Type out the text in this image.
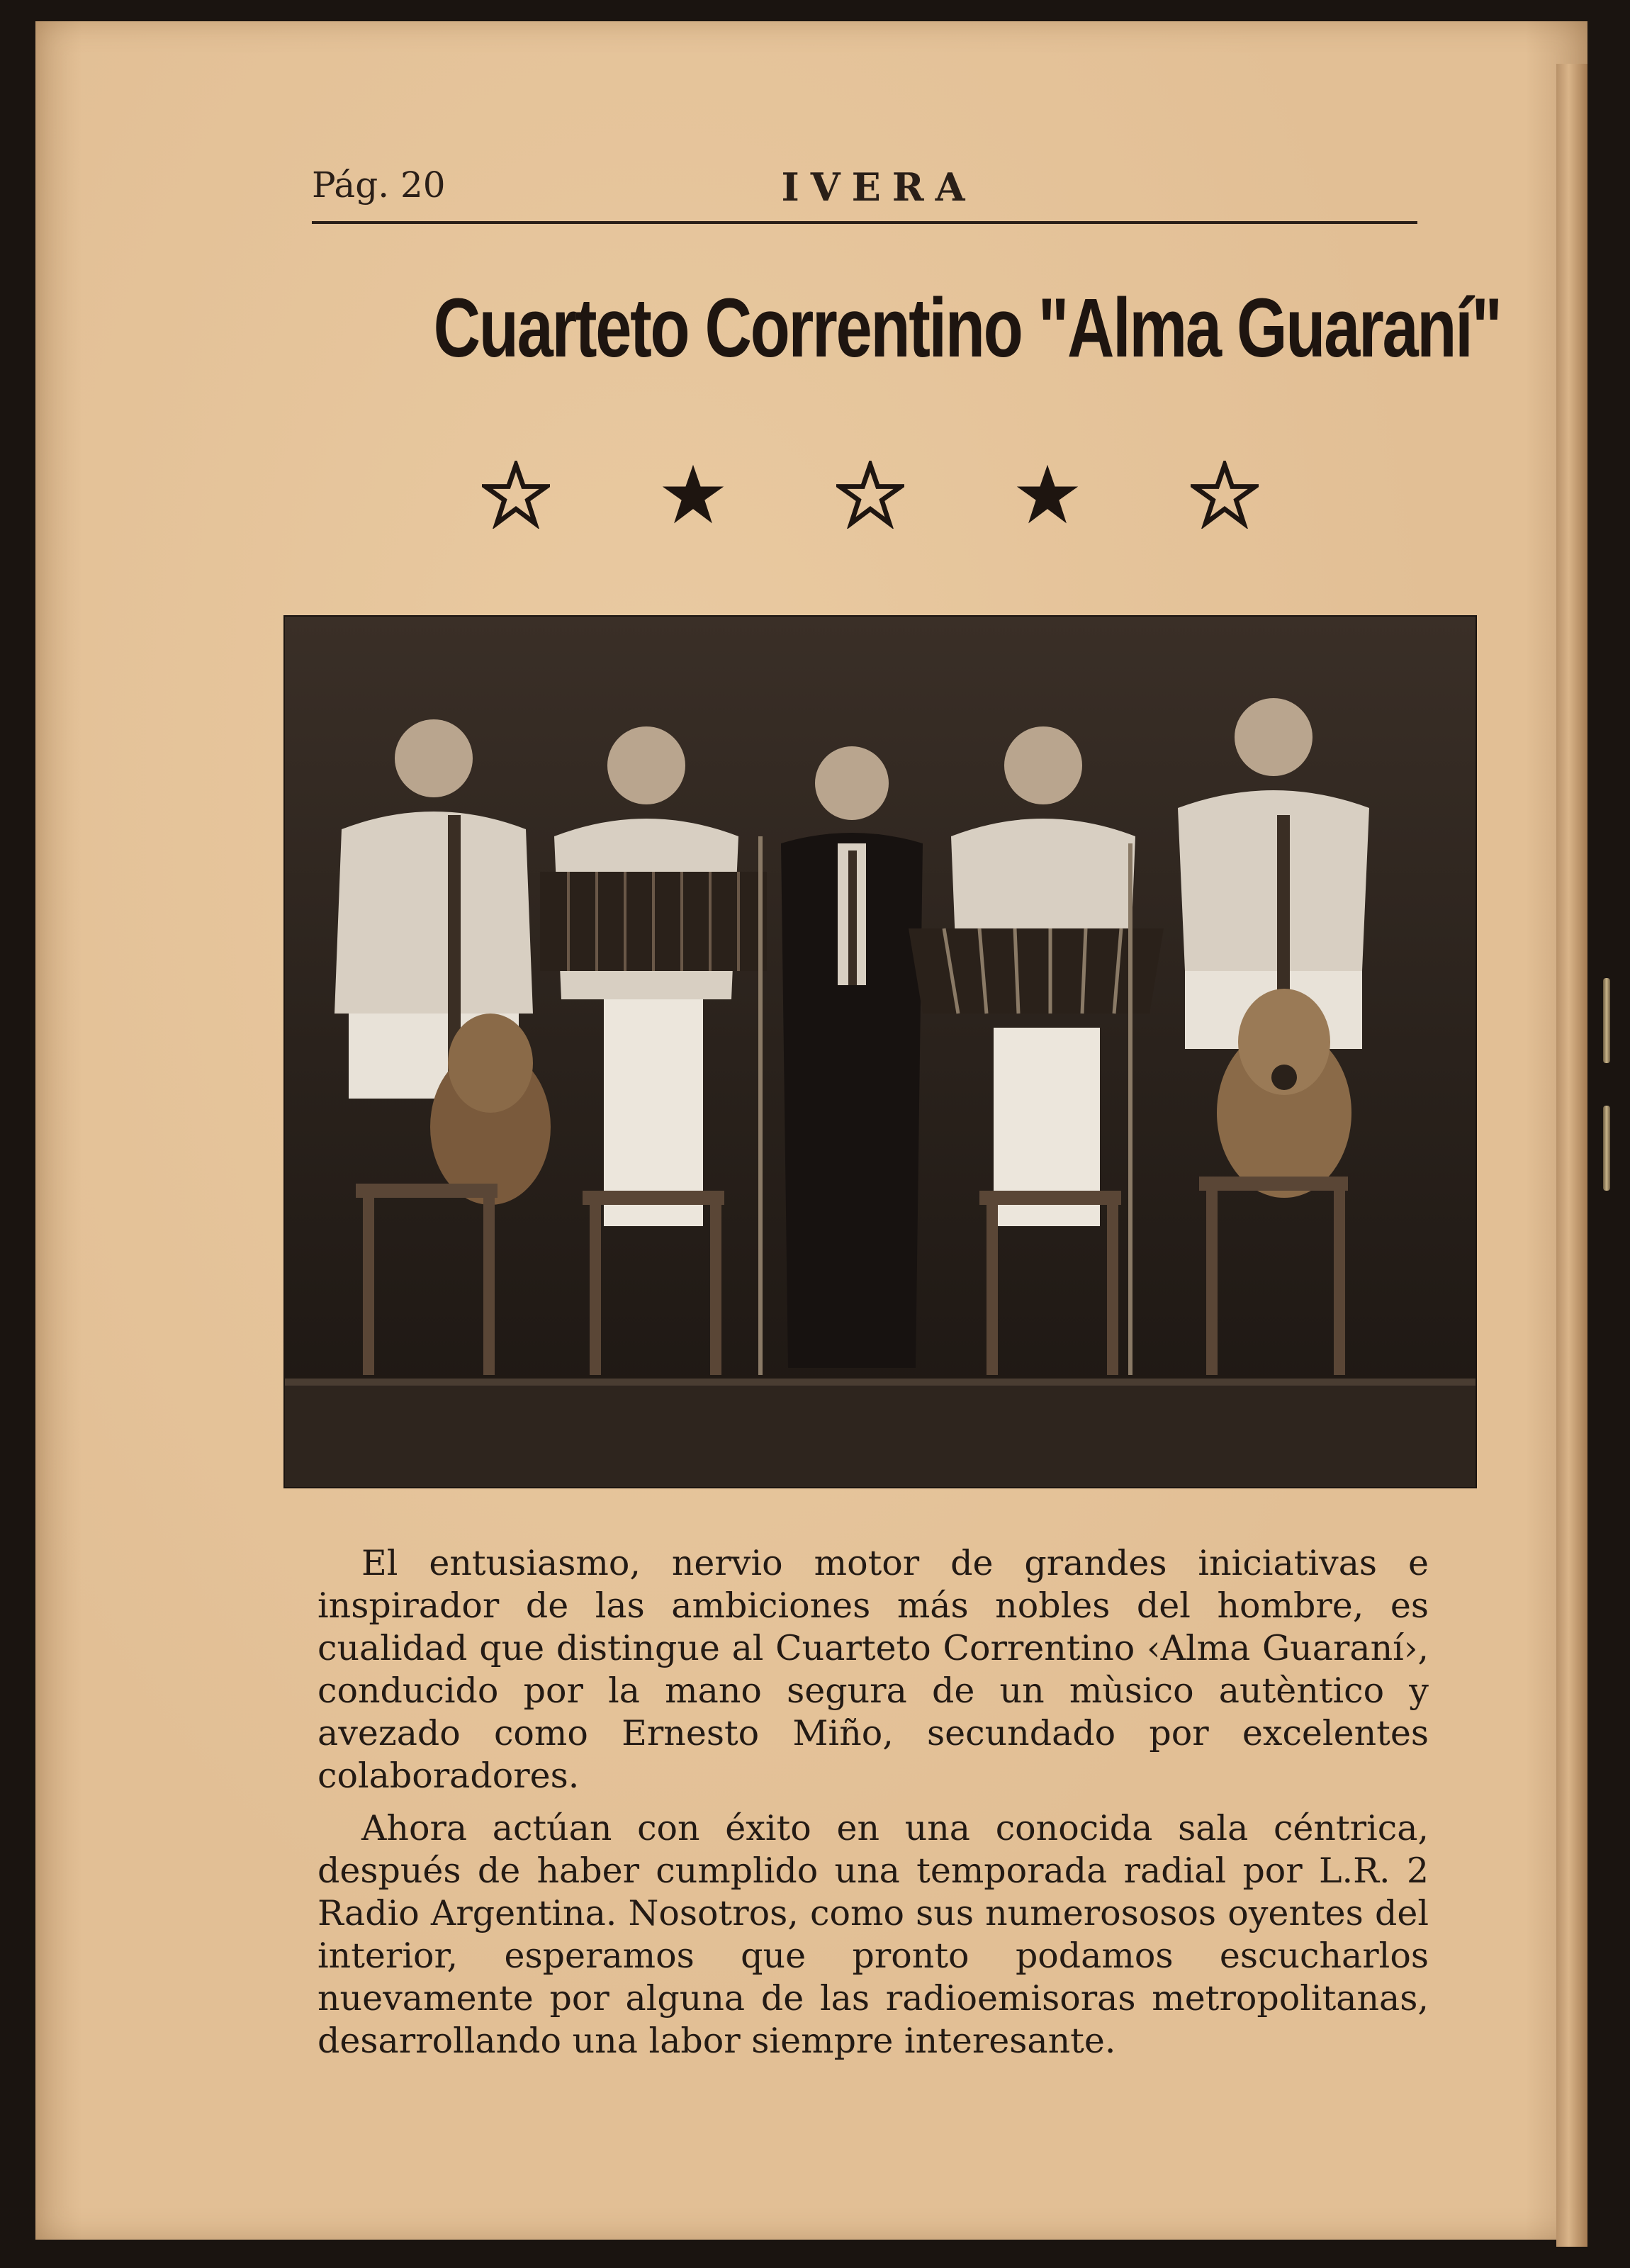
Pág. 20	IVERA
Cuarteto Correntino "Alma Guaraní"

El entusiasmo, nervio motor de grandes iniciativas e inspirador de las ambiciones más nobles del hombre, es cualidad que distingue al Cuarteto Correntino ‹Alma Guaraní›, conducido por la mano segura de un mùsico autèntico y avezado como Ernesto Miño, secundado por excelentes colaboradores.

Ahora actúan con éxito en una conocida sala céntrica, después de haber cumplido una temporada radial por L.R. 2 Radio Argentina. Nosotros, como sus numerososos oyentes del interior, esperamos que pronto podamos escucharlos nuevamente por alguna de las radioemisoras metropolitanas, desarrollando una labor siempre interesante.
